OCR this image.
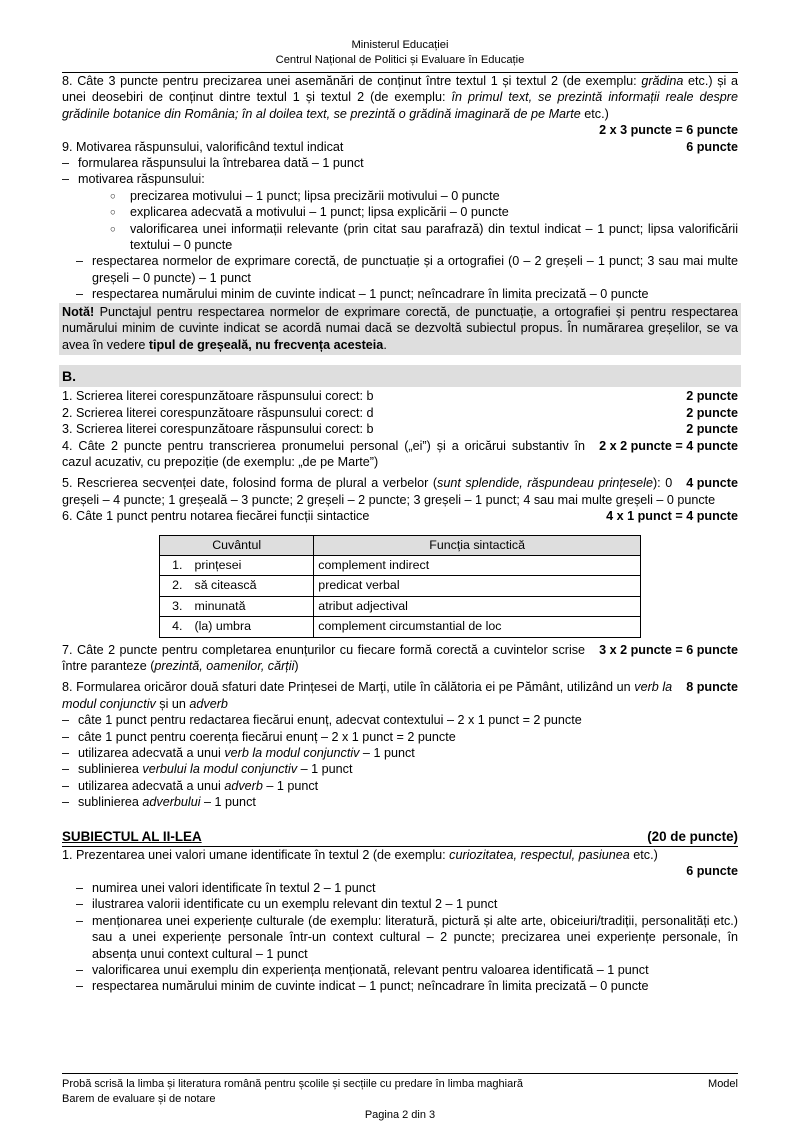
Ministerul Educației
Centrul Național de Politici și Evaluare în Educație
8. Câte 3 puncte pentru precizarea unei asemănări de conținut între textul 1 și textul 2 (de exemplu: grădina etc.) și a unei deosebiri de conținut dintre textul 1 și textul 2 (de exemplu: în primul text, se prezintă informații reale despre grădinile botanice din România; în al doilea text, se prezintă o grădină imaginară de pe Marte etc.)
2 x 3 puncte = 6 puncte
6 puncte
9. Motivarea răspunsului, valorificând textul indicat
– formularea răspunsului la întrebarea dată – 1 punct
– motivarea răspunsului:
○ precizarea motivului – 1 punct; lipsa precizării motivului – 0 puncte
○ explicarea adecvată a motivului – 1 punct; lipsa explicării – 0 puncte
○ valorificarea unei informații relevante (prin citat sau parafrază) din textul indicat – 1 punct; lipsa valorificării textului – 0 puncte
– respectarea normelor de exprimare corectă, de punctuație și a ortografiei (0 – 2 greșeli – 1 punct; 3 sau mai multe greșeli – 0 puncte) – 1 punct
– respectarea numărului minim de cuvinte indicat – 1 punct; neîncadrare în limita precizată – 0 puncte
Notă! Punctajul pentru respectarea normelor de exprimare corectă, de punctuație, a ortografiei și pentru respectarea numărului minim de cuvinte indicat se acordă numai dacă se dezvoltă subiectul propus. În numărarea greșelilor, se va avea în vedere tipul de greșeală, nu frecvența acesteia.
B.
2 puncte
1. Scrierea literei corespunzătoare răspunsului corect: b
2 puncte
2. Scrierea literei corespunzătoare răspunsului corect: d
2 puncte
3. Scrierea literei corespunzătoare răspunsului corect: b
2 x 2 puncte = 4 puncte
4. Câte 2 puncte pentru transcrierea pronumelui personal („ei”) și a oricărui substantiv în cazul acuzativ, cu prepoziție (de exemplu: „de pe Marte”)
4 puncte
5. Rescrierea secvenței date, folosind forma de plural a verbelor (sunt splendide, răspundeau prințesele): 0 greșeli – 4 puncte; 1 greșeală – 3 puncte; 2 greșeli – 2 puncte; 3 greșeli – 1 punct; 4 sau mai multe greșeli – 0 puncte
4 x 1 punct = 4 puncte
6. Câte 1 punct pentru notarea fiecărei funcții sintactice
Cuvântul		Funcția sintactică
1.	prințesei	complement indirect
2.	să citească	predicat verbal
3.	minunată	atribut adjectival
4.	(la) umbra	complement circumstantial de loc
3 x 2 puncte = 6 puncte
7. Câte 2 puncte pentru completarea enunțurilor cu fiecare formă corectă a cuvintelor scrise între paranteze (prezintă, oamenilor, cărții)
8 puncte
8. Formularea oricăror două sfaturi date Prințesei de Marți, utile în călătoria ei pe Pământ, utilizând un verb la modul conjunctiv și un adverb
– câte 1 punct pentru redactarea fiecărui enunț, adecvat contextului – 2 x 1 punct = 2 puncte
– câte 1 punct pentru coerența fiecărui enunț – 2 x 1 punct = 2 puncte
– utilizarea adecvată a unui verb la modul conjunctiv – 1 punct
– sublinierea verbului la modul conjunctiv – 1 punct
– utilizarea adecvată a unui adverb – 1 punct
– sublinierea adverbului – 1 punct
SUBIECTUL AL II-LEA	(20 de puncte)
1. Prezentarea unei valori umane identificate în textul 2 (de exemplu: curiozitatea, respectul, pasiunea etc.)
6 puncte
– numirea unei valori identificate în textul 2 – 1 punct
– ilustrarea valorii identificate cu un exemplu relevant din textul 2 – 1 punct
– menționarea unei experiențe culturale (de exemplu: literatură, pictură și alte arte, obiceiuri/tradiții, personalități etc.) sau a unei experiențe personale într-un context cultural – 2 puncte; precizarea unei experiențe personale, în absența unui context cultural – 1 punct
– valorificarea unui exemplu din experiența menționată, relevant pentru valoarea identificată – 1 punct
– respectarea numărului minim de cuvinte indicat – 1 punct; neîncadrare în limita precizată – 0 puncte
Probă scrisă la limba și literatura română pentru școlile și secțiile cu predare în limba maghiară	Model
Barem de evaluare și de notare
Pagina 2 din 3
